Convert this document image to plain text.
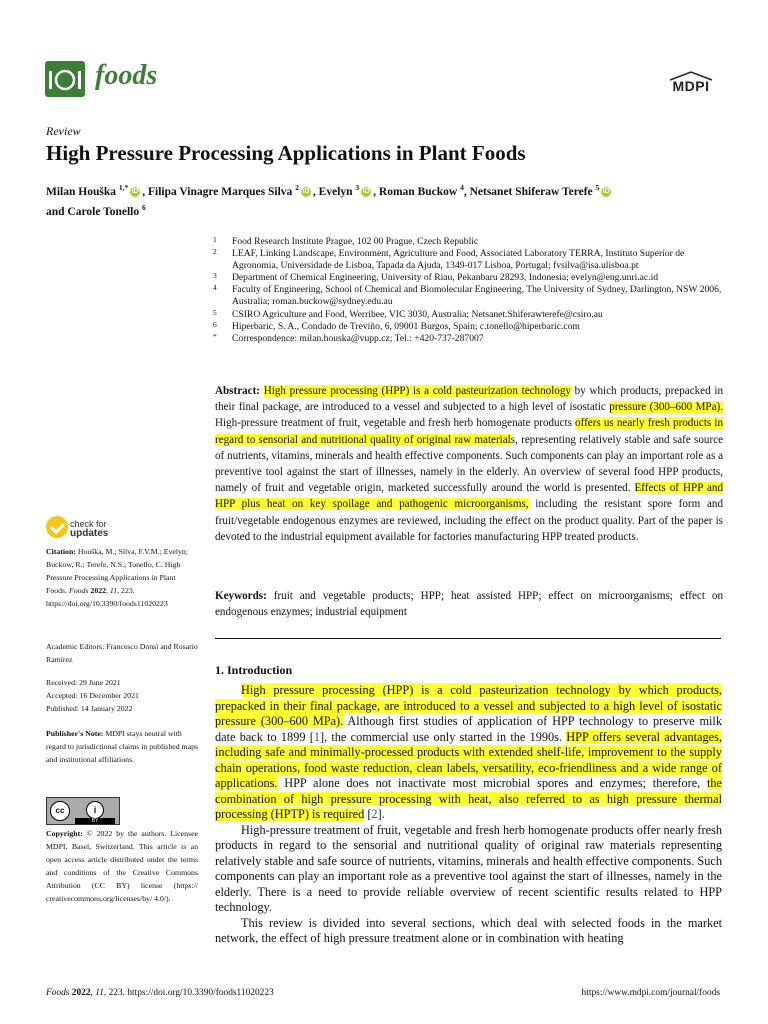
foods	MDPI
Review
High Pressure Processing Applications in Plant Foods
Milan Houška $^{1,*}$ iD , Filipa Vinagre Marques Silva $^2$ iD , Evelyn $^3$ iD , Roman Buckow $^4$, Netsanet Shiferaw Terefe $^5$ iD
and Carole Tonello $^6$
1 Food Research Institute Prague, 102 00 Prague, Czech Republic
2 LEAF, Linking Landscape, Environment, Agriculture and Food, Associated Laboratory TERRA, Instituto Superior de Agronomia, Universidade de Lisboa, Tapada da Ajuda, 1349-017 Lisboa, Portugal; fvsilva@isa.ulisboa.pt
3 Department of Chemical Engineering, University of Riau, Pekanbaru 28293, Indonesia; evelyn@eng.unri.ac.id
4 Faculty of Engineering, School of Chemical and Biomolecular Engineering, The University of Sydney, Darlington, NSW 2006, Australia; roman.buckow@sydney.edu.au
5 CSIRO Agriculture and Food, Werribee, VIC 3030, Australia; Netsanet.Shiferawterefe@csiro.au
6 Hiperbaric, S. A., Condado de Treviño, 6, 09001 Burgos, Spain; c.tonello@hiperbaric.com
* Correspondence: milan.houska@vupp.cz; Tel.: +420-737-287007
Abstract: High pressure processing (HPP) is a cold pasteurization technology by which products, prepacked in their final package, are introduced to a vessel and subjected to a high level of isostatic pressure (300–600 MPa). High-pressure treatment of fruit, vegetable and fresh herb homogenate products offers us nearly fresh products in regard to sensorial and nutritional quality of original raw materials, representing relatively stable and safe source of nutrients, vitamins, minerals and health effective components. Such components can play an important role as a preventive tool against the start of illnesses, namely in the elderly. An overview of several food HPP products, namely of fruit and vegetable origin, marketed successfully around the world is presented. Effects of HPP and HPP plus heat on key spoilage and pathogenic microorganisms, including the resistant spore form and fruit/vegetable endogenous enzymes are reviewed, including the effect on the product quality. Part of the paper is devoted to the industrial equipment available for factories manufacturing HPP treated products.
Keywords: fruit and vegetable products; HPP; heat assisted HPP; effect on microorganisms; effect on endogenous enzymes; industrial equipment
1. Introduction

High pressure processing (HPP) is a cold pasteurization technology by which products, prepacked in their final package, are introduced to a vessel and subjected to a high level of isostatic pressure (300–600 MPa). Although first studies of application of HPP technology to preserve milk date back to 1899 [1], the commercial use only started in the 1990s. HPP offers several advantages, including safe and minimally-processed products with extended shelf-life, improvement to the supply chain operations, food waste reduction, clean labels, versatility, eco-friendliness and a wide range of applications. HPP alone does not inactivate most microbial spores and enzymes; therefore, the combination of high pressure processing with heat, also referred to as high pressure thermal processing (HPTP) is required [2].

High-pressure treatment of fruit, vegetable and fresh herb homogenate products offer nearly fresh products in regard to the sensorial and nutritional quality of original raw materials representing relatively stable and safe source of nutrients, vitamins, minerals and health effective components. Such components can play an important role as a preventive tool against the start of illnesses, namely in the elderly. There is a need to provide reliable overview of recent scientific results related to HPP technology.

This review is divided into several sections, which deal with selected foods in the market network, the effect of high pressure treatment alone or in combination with heating

check for
updates
Citation: Houška, M.; Silva, F.V.M.; Evelyn; Buckow, R.; Terefe, N.S.; Tonello, C. High Pressure Processing Applications in Plant Foods. Foods 2022, 11, 223. https://doi.org/10.3390/foods11020223
Academic Editors: Francesco Donsì and Rosario Ramírez
Received: 29 June 2021
Accepted: 16 December 2021
Published: 14 January 2022
Publisher's Note: MDPI stays neutral with regard to jurisdictional claims in published maps and institutional affiliations.
cc	i
BY
Copyright: © 2022 by the authors. Licensee MDPI, Basel, Switzerland. This article is an open access article distributed under the terms and conditions of the Creative Commons Attribution (CC BY) license (https:// creativecommons.org/licenses/by/ 4.0/).
Foods 2022, 11, 223. https://doi.org/10.3390/foods11020223	https://www.mdpi.com/journal/foods
